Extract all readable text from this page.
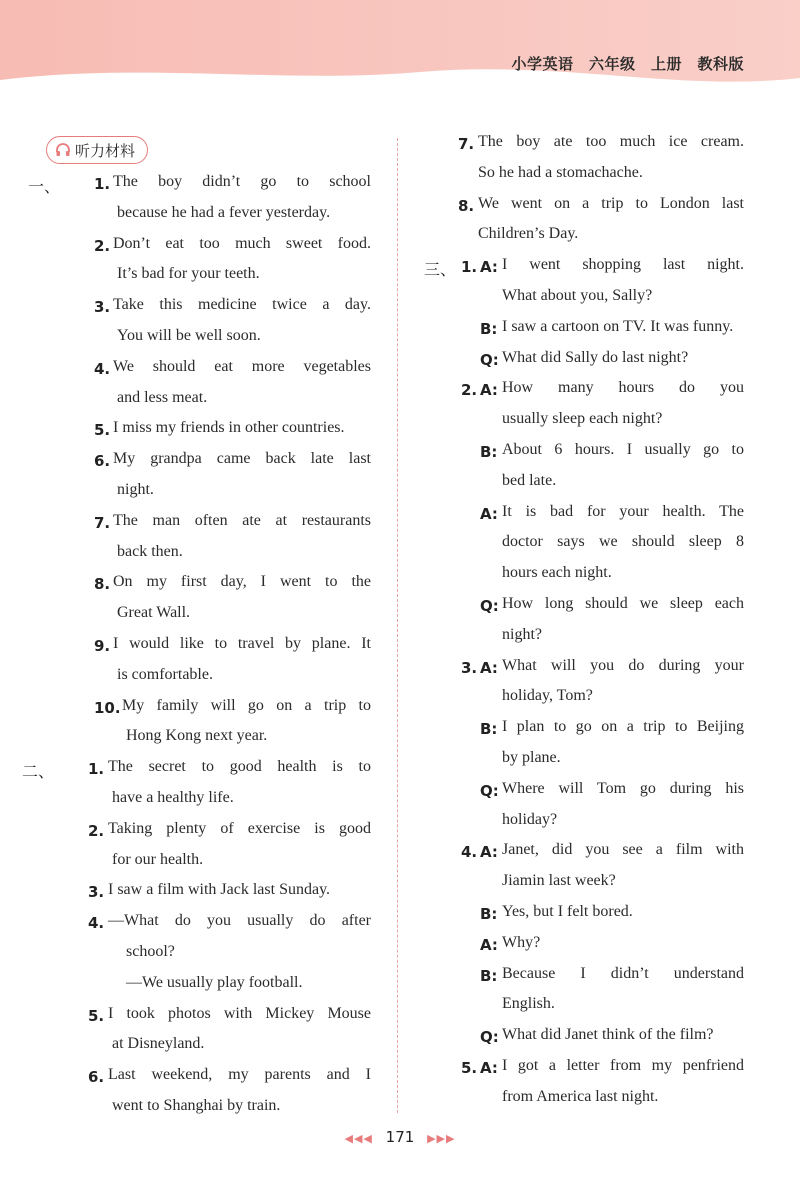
小学英语　六年级　上册　教科版
听力材料
◀◀◀ 171 ▶▶▶
一、 1. The boy didn’t go to school
because he had a fever yesterday.
2. Don’t eat too much sweet food.
It’s bad for your teeth.
3. Take this medicine twice a day.
You will be well soon.
4. We should eat more vegetables
and less meat.
5. I miss my friends in other countries.
6. My grandpa came back late last
night.
7. The man often ate at restaurants
back then.
8. On my first day, I went to the
Great Wall.
9. I would like to travel by plane. It
is comfortable.
10. My family will go on a trip to
Hong Kong next year.
二、 1. The secret to good health is to
have a healthy life.
2. Taking plenty of exercise is good
for our health.
3. I saw a film with Jack last Sunday.
4. —What do you usually do after
school?
—We usually play football.
5. I took photos with Mickey Mouse
at Disneyland.
6. Last weekend, my parents and I
went to Shanghai by train.
7. The boy ate too much ice cream.
So he had a stomachache.
8. We went on a trip to London last
Children’s Day.
三、 1. A: I went shopping last night.
What about you, Sally?
B: I saw a cartoon on TV. It was funny.
Q: What did Sally do last night?
2. A: How many hours do you
usually sleep each night?
B: About 6 hours. I usually go to
bed late.
A: It is bad for your health. The
doctor says we should sleep 8
hours each night.
Q: How long should we sleep each
night?
3. A: What will you do during your
holiday, Tom?
B: I plan to go on a trip to Beijing
by plane.
Q: Where will Tom go during his
holiday?
4. A: Janet, did you see a film with
Jiamin last week?
B: Yes, but I felt bored.
A: Why?
B: Because I didn’t understand
English.
Q: What did Janet think of the film?
5. A: I got a letter from my penfriend
from America last night.
